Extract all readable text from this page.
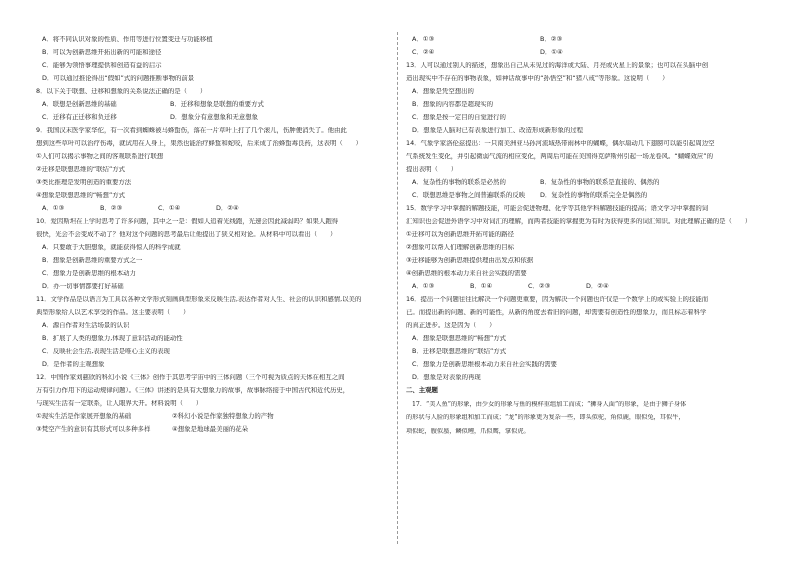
A．将不同认识对象的性质、作用等进行位置变迁与功能移植
B．可以为创新思维开拓出新的可能和途径
C．能够为领悟事理提供和创造有益的启示
D．可以通过推论得出“假如”式的问题推断事物的前景
8．以下关于联想、迁移和想象的关系说法正确的是（　　）
A．联想是创新思维的基础	B．迁移和想象是联想的重要方式
C．迁移有正迁移和负迁移	D．想象分有意想象和无意想象
9．我国汉末医学家华佗，有一次看到蜘蛛被马蜂蜇伤，落在一片草叶上打了几个滚儿，伤肿便消失了。他由此
想到这些草叶可以治疗伤毒，就试用在人身上，果然也能治疗蜂蜇和蛇咬，后来成了治蜂蜇毒良药，这表明（　　）
①人们可以揭示事物之间的客观联系进行联想
②迁移是联想思维的“联结”方式
③类比推理是发明创造的重要方法
④想象是联想思维的“畅想”方式
A．①③	B．②③	C．①④	D．②④
10．爱因斯坦在上学时思考了许多问题，其中之一是：假如人追着光线跑，光速会因此减弱吗？如果人跑得
很快，光会不会变成不动了？他对这个问题的思考最后让他提出了狭义相对论。从材料中可以看出（　　）
A．只要敢于大胆想象，就能获得惊人的科学成就
B．想象是创新思维的重要方式之一
C．想象力是创新思维的根本动力
D．办一切事情都要打好基础
11．文学作品是以语言为工具以各种文学形式刻画典型形象来反映生活,表达作者对人生、社会的认识和感情,以美的
典型形象给人以艺术享受的作品。这主要表明（　　）
A．源自作者对生活场景的认识
B．扩展了人类的想象力,体现了意识活动的能动性
C．反映社会生活,表现生活是唯心主义的表现
D．是作者的主观想象
12．中国作家刘慈欣的科幻小说《三体》创作于其思考宇宙中的三体问题（三个可视为质点的天体在相互之间
万有引力作用下的运动规律问题）。《三体》讲述的是具有大想象力的故事，故事脉络接于中国古代和近代历史，
与现实生活有一定联系，让人眼界大开。材料说明（　　）
①现实生活是作家展开想象的基础	②科幻小说是作家独特想象力的产物
③梵空产生的意识有其形式可以多种多样	④想象是地球最美丽的花朵
A．①③	B．②③
C．②④	D．①④
13．人可以通过别人的描述，想象出自己从未见过的海洋或大陆、月亮或火星上的景象；也可以在头脑中创
造出现实中不存在的事物表象，如神话故事中的“孙悟空”和“猪八戒”等形象。这说明（　　）
A．想象是凭空想出的
B．想象的内容都是超现实的
C．想象是按一定目的自觉进行的
D．想象是人脑对已有表象进行加工、改造形成新形象的过程
14．气象学家洛伦兹提出：一只南美洲亚马孙河流域热带雨林中的蝴蝶，偶尔扇动几下翅膀可以能引起周边空
气系统发生变化，并引起微弱气流的相应变化，两周后可能在美国得克萨斯州引起一场龙卷风。“蝴蝶效应”的
提出表明（　　）
A．复杂性的事物的联系是必然的	B．复杂性的事物的联系是直接的、偶然的
C．联想思维是事物之间普遍联系的反映	D．复杂性的事物的联系完全是偶然的
15．数学学习中掌握的解题技能，可能会促进物理、化学等其他学科解题技能的提高；语文学习中掌握的词
汇知识也会促进外语学习中对词汇的理解，而两者技能的掌握更为有时为获得更多的词汇知识。对此理解正确的是（　　）
①迁移可以为创新思维开拓可能的路径
②想象可以帮人们理解创新思维的目标
③迁移能够为创新思维提供理由出发点和依据
④创新思维的根本动力来自社会实践的需要
A．①③	B．①④	C．②③	D．②④
16．提出一个问题往往比解决一个问题更重要，因为解决一个问题也许仅是一个数学上的或实验上的技能而
已。而提出新的问题、新的可能性，从新的角度去看旧的问题，却需要有创造性的想象力，而且标志着科学
的真正进步。这是因为（　　）
A．想象是联想思维的“畅想”方式
B．迁移是联想思维的“联结”方式
C．想象力是创新思维根本动力来自社会实践的需要
D．想象是对表象的再现
二、主观题
17．“美人鱼”的形象，由少女的形象与鱼的模样重组加工而成；“狮身人面”的形象，是由于狮子身体
的形状与人脸的形象组和加工而成；“龙”的形象更为复杂一些，即头似驼，角似鹿，眼似兔，耳似牛，
项似蛇，腹似蜃，鳞似鲤，爪似鹰，掌似虎。
